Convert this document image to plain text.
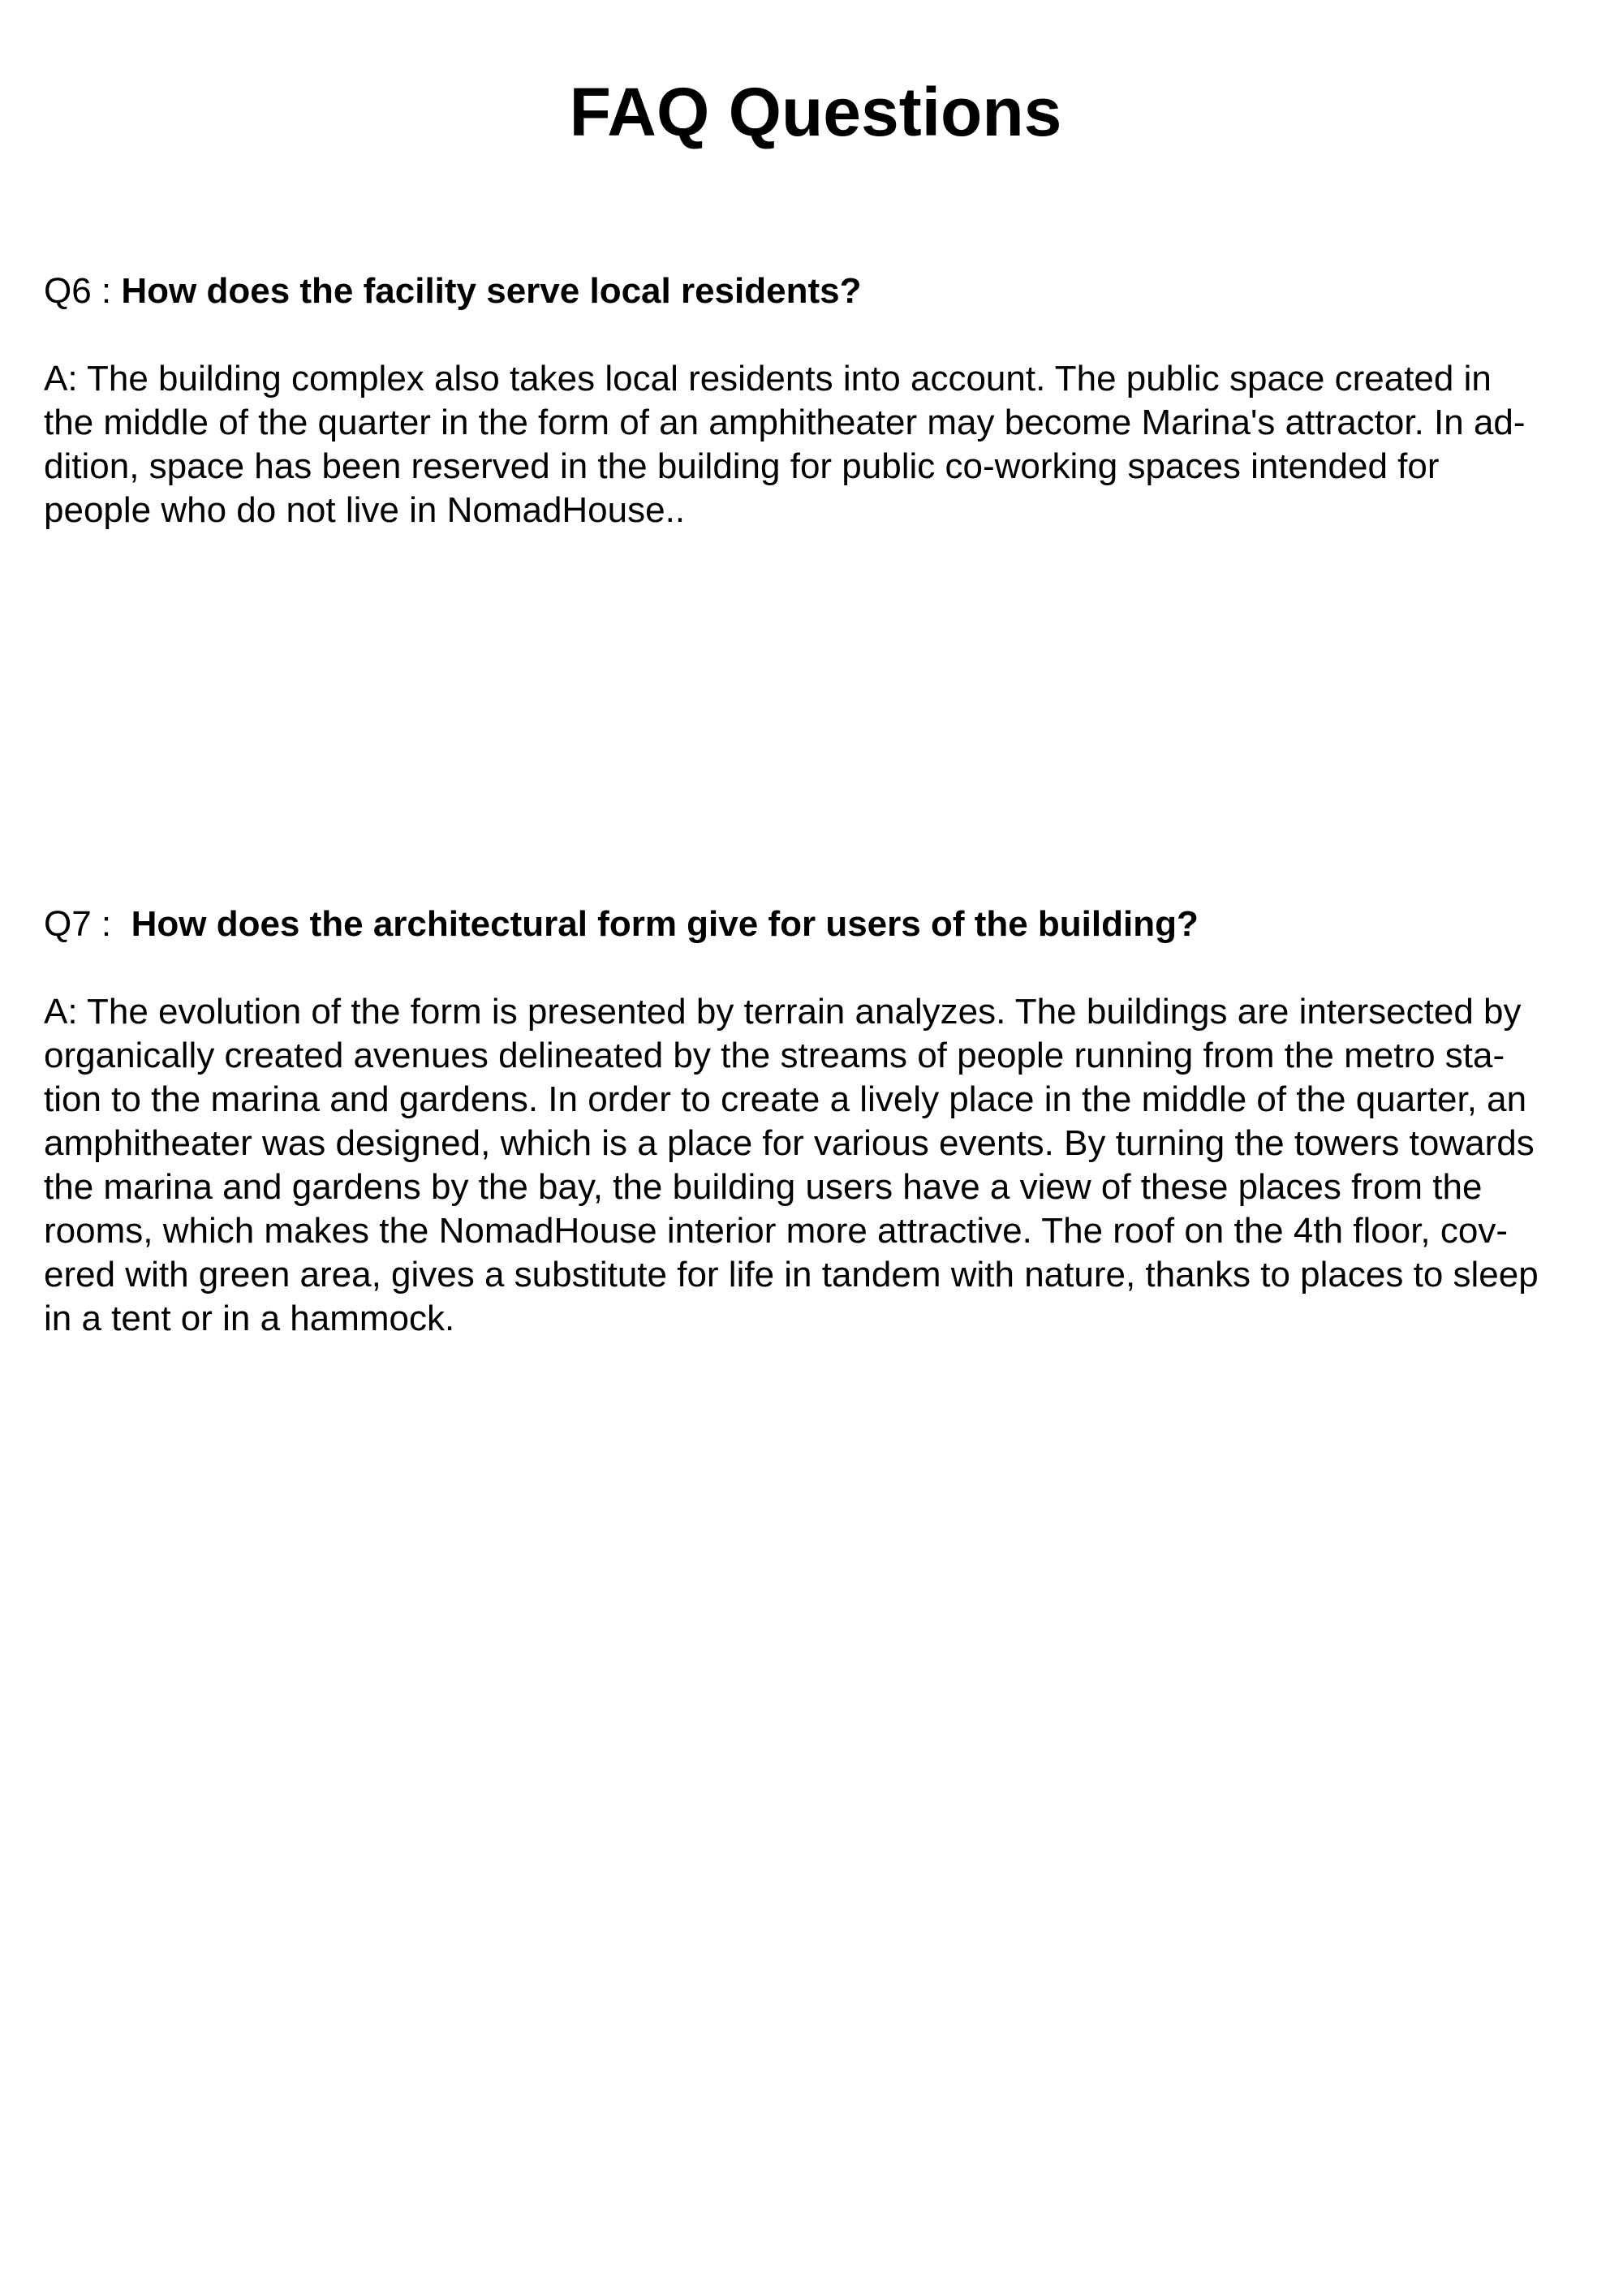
FAQ Questions

Q6 : How does the facility serve local residents?

A: The building complex also takes local residents into account. The public space created in
the middle of the quarter in the form of an amphitheater may become Marina's attractor. In ad-
dition, space has been reserved in the building for public co-working spaces intended for
people who do not live in NomadHouse..

Q7 :  How does the architectural form give for users of the building?

A: The evolution of the form is presented by terrain analyzes. The buildings are intersected by
organically created avenues delineated by the streams of people running from the metro sta-
tion to the marina and gardens. In order to create a lively place in the middle of the quarter, an
amphitheater was designed, which is a place for various events. By turning the towers towards
the marina and gardens by the bay, the building users have a view of these places from the
rooms, which makes the NomadHouse interior more attractive. The roof on the 4th floor, cov-
ered with green area, gives a substitute for life in tandem with nature, thanks to places to sleep
in a tent or in a hammock.
